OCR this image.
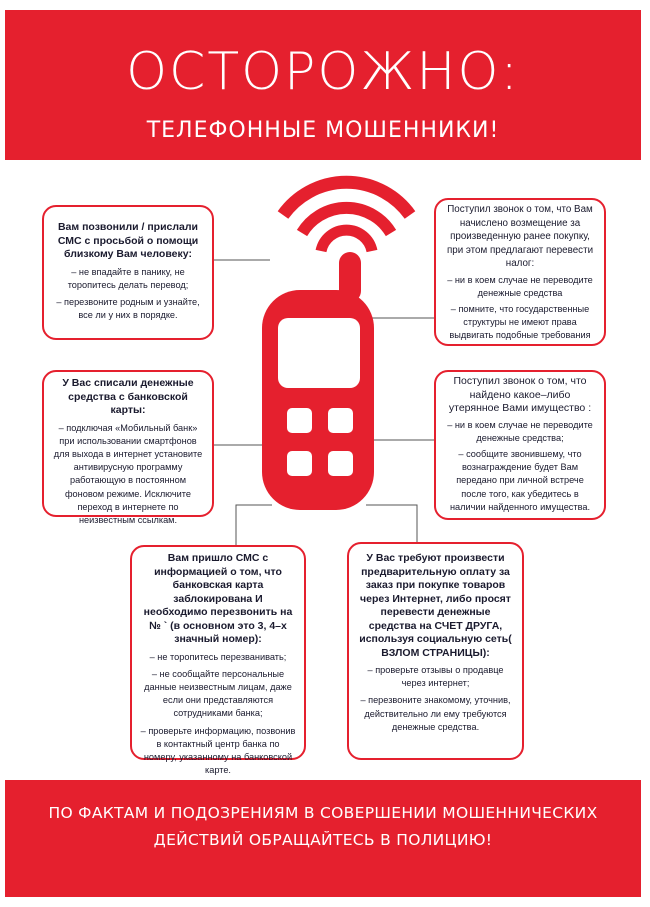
ОСТОРОЖНО:
ТЕЛЕФОННЫЕ МОШЕННИКИ!
Вам позвонили / прислали СМС с просьбой о помощи близкому Вам человеку:
– не впадайте в панику, не торопитесь делать перевод;
– перезвоните родным и узнайте, все ли у них в порядке.
Поступил звонок о том, что Вам начислено возмещение за произведенную ранее покупку, при этом предлагают перевести налог:
– ни в коем случае не переводите денежные средства
– помните, что государственные структуры не имеют права выдвигать подобные требования
У Вас списали денежные средства с банковской карты:
– подключая «Мобильный банк» при использовании смартфонов для выхода в интернет установите антивирусную программу работающую в постоянном фоновом режиме. Исключите переход в интернете по неизвестным ссылкам.
Поступил звонок о том, что найдено какое–либо утерянное Вами имущество :
– ни в коем случае не переводите денежные средства;
– сообщите звонившему, что вознаграждение будет Вам передано при личной встрече после того, как убедитесь в наличии найденного имущества.
Вам пришло СМС с информацией о том, что банковская карта заблокирована И необходимо перезвонить на № ` (в основном это 3, 4–х значный номер):
– не торопитесь перезванивать;
– не сообщайте персональные данные неизвестным лицам, даже если они представляются сотрудниками банка;
– проверьте информацию, позвонив в контактный центр банка по номеру, указанному на банковской карте.
У Вас требуют произвести предварительную оплату за заказ при покупке товаров через Интернет, либо просят перевести денежные средства на СЧЕТ ДРУГА, используя социальную сеть( ВЗЛОМ СТРАНИЦЫ):
– проверьте отзывы о продавце через интернет;
– перезвоните знакомому, уточнив, действительно ли ему требуются денежные средства.
ПО ФАКТАМ И ПОДОЗРЕНИЯМ В СОВЕРШЕНИИ МОШЕННИЧЕСКИХ ДЕЙСТВИЙ ОБРАЩАЙТЕСЬ В ПОЛИЦИЮ!
